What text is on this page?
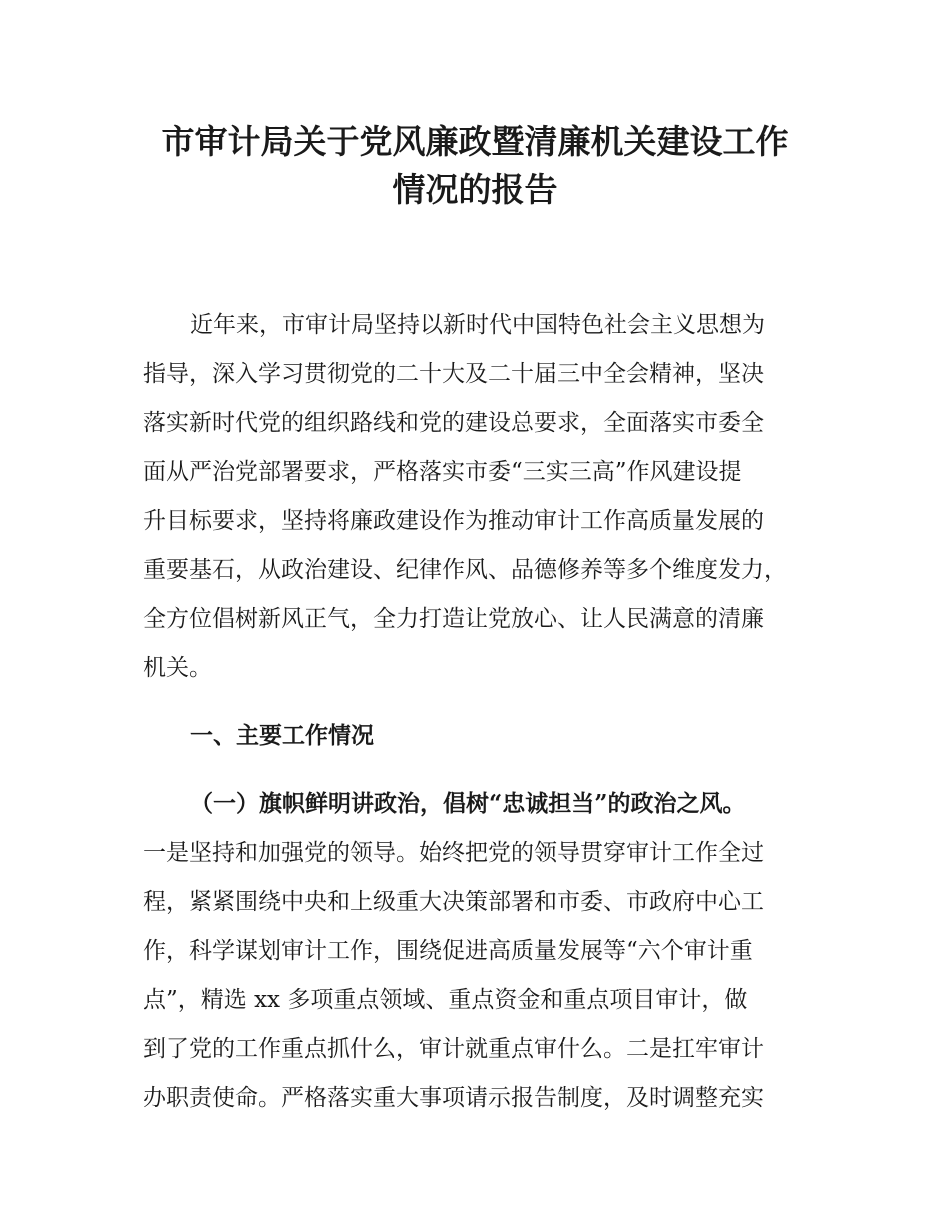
市审计局关于党风廉政暨清廉机关建设工作
情况的报告
近年来，市审计局坚持以新时代中国特色社会主义思想为
指导，深入学习贯彻党的二十大及二十届三中全会精神，坚决
落实新时代党的组织路线和党的建设总要求，全面落实市委全
面从严治党部署要求，严格落实市委“三实三高”作风建设提
升目标要求，坚持将廉政建设作为推动审计工作高质量发展的
重要基石，从政治建设、纪律作风、品德修养等多个维度发力，
全方位倡树新风正气，全力打造让党放心、让人民满意的清廉
机关。
一、主要工作情况
（一）旗帜鲜明讲政治，倡树“忠诚担当”的政治之风。
一是坚持和加强党的领导。始终把党的领导贯穿审计工作全过
程，紧紧围绕中央和上级重大决策部署和市委、市政府中心工
作，科学谋划审计工作，围绕促进高质量发展等“六个审计重
点”，精选 xx 多项重点领域、重点资金和重点项目审计，做
到了党的工作重点抓什么，审计就重点审什么。二是扛牢审计
办职责使命。严格落实重大事项请示报告制度，及时调整充实
